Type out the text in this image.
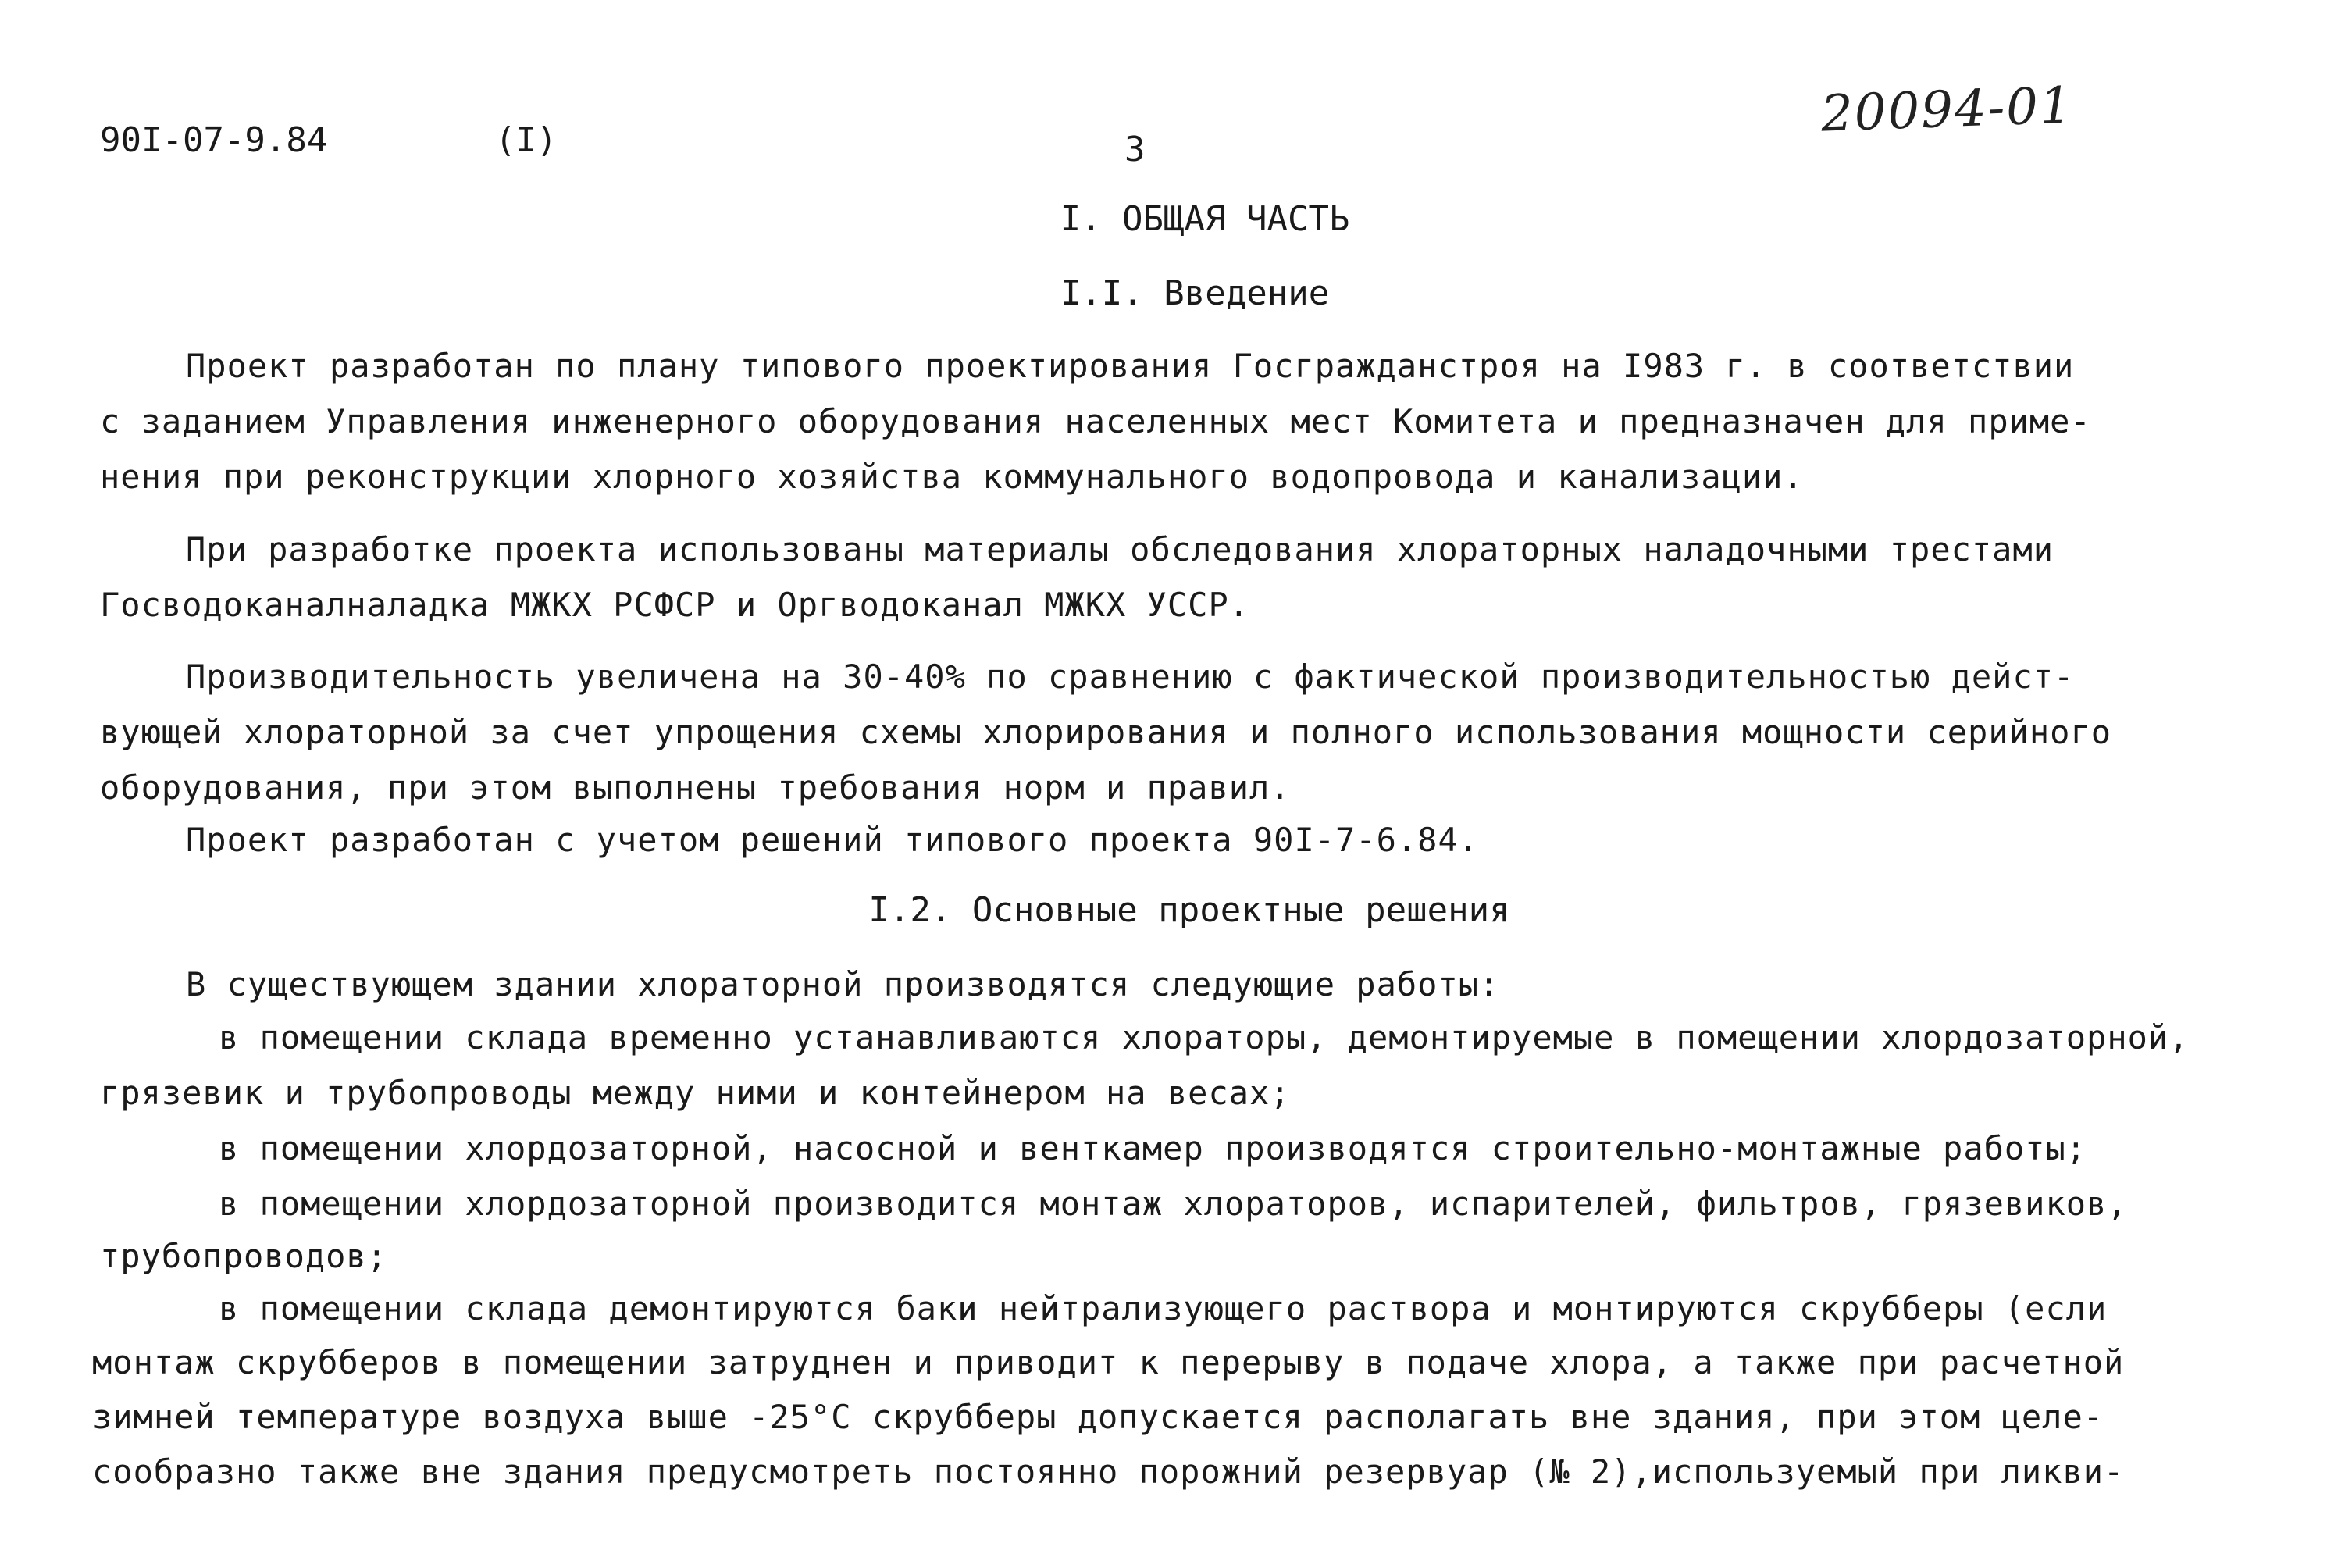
90I-07-9.84	(I)	3
20094-01
I. ОБЩАЯ ЧАСТЬ
I.I. Введение
Проект разработан по плану типового проектирования Госгражданстроя на I983 г. в соответствии
с заданием Управления инженерного оборудования населенных мест Комитета и предназначен для приме-
нения при реконструкции хлорного хозяйства коммунального водопровода и канализации.
При разработке проекта использованы материалы обследования хлораторных наладочными трестами
Госводоканалналадка МЖКХ РСФСР и Оргводоканал МЖКХ УССР.
Производительность увеличена на 30-40% по сравнению с фактической производительностью дейст-
вующей хлораторной за счет упрощения схемы хлорирования и полного использования мощности серийного
оборудования, при этом выполнены требования норм и правил.
Проект разработан с учетом решений типового проекта 90I-7-6.84.
I.2. Основные проектные решения
В существующем здании хлораторной производятся следующие работы:
в помещении склада временно устанавливаются хлораторы, демонтируемые в помещении хлордозаторной,
грязевик и трубопроводы между ними и контейнером на весах;
в помещении хлордозаторной, насосной и венткамер производятся строительно-монтажные работы;
в помещении хлордозаторной производится монтаж хлораторов, испарителей, фильтров, грязевиков,
трубопроводов;
в помещении склада демонтируются баки нейтрализующего раствора и монтируются скрубберы (если
монтаж скрубберов в помещении затруднен и приводит к перерыву в подаче хлора, а также при расчетной
зимней температуре воздуха выше -25°С скрубберы допускается располагать вне здания, при этом целе-
сообразно также вне здания предусмотреть постоянно порожний резервуар (№ 2),используемый при ликви-
